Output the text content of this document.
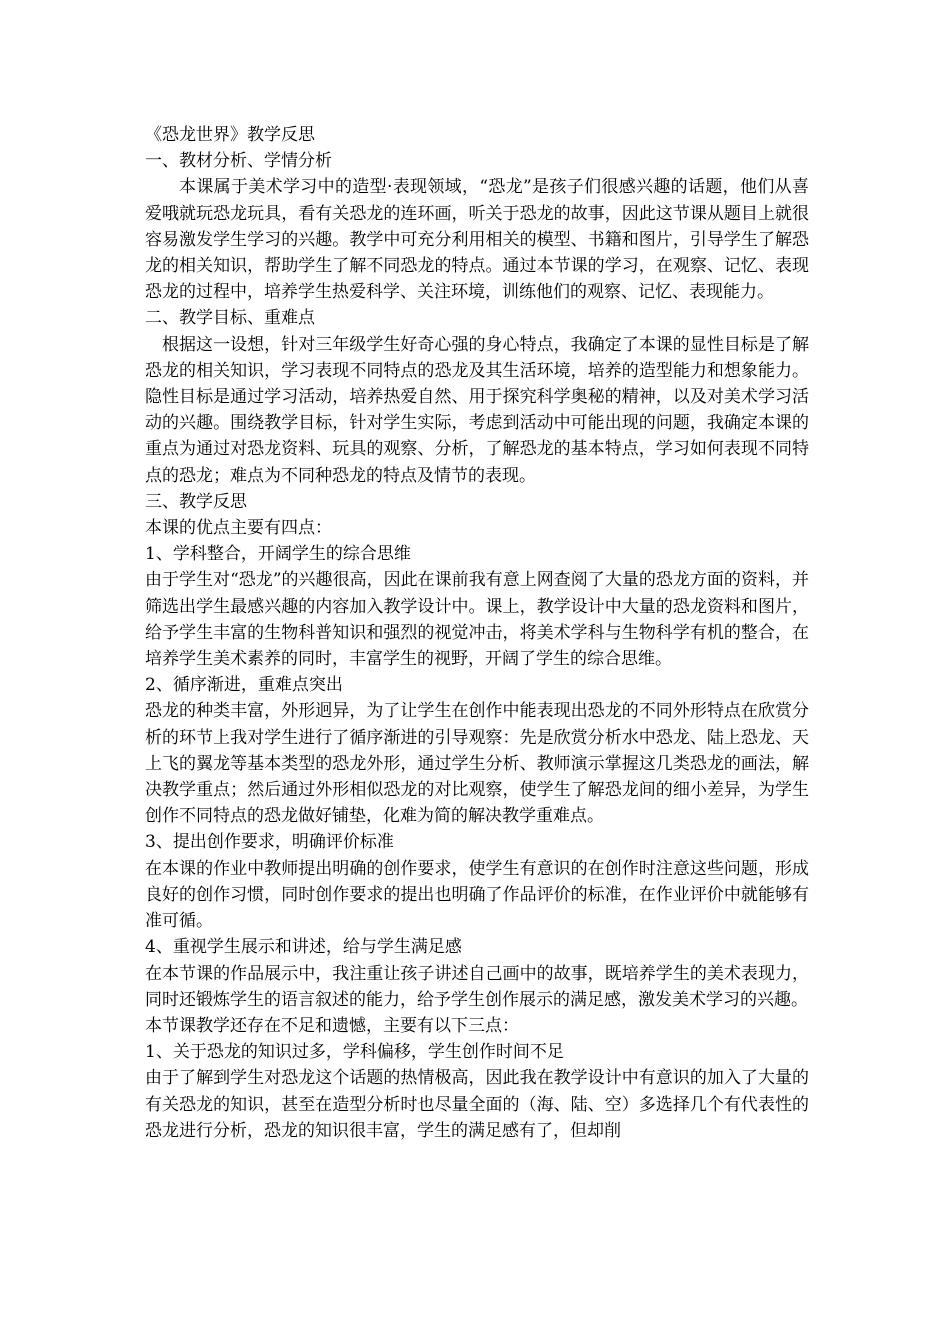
《恐龙世界》教学反思

一、教材分析、学情分析

本课属于美术学习中的造型·表现领域，“恐龙”是孩子们很感兴趣的话题，他们从喜爱哦就玩恐龙玩具，看有关恐龙的连环画，听关于恐龙的故事，因此这节课从题目上就很容易激发学生学习的兴趣。教学中可充分利用相关的模型、书籍和图片，引导学生了解恐龙的相关知识，帮助学生了解不同恐龙的特点。通过本节课的学习，在观察、记忆、表现恐龙的过程中，培养学生热爱科学、关注环境，训练他们的观察、记忆、表现能力。

二、教学目标、重难点

根据这一设想，针对三年级学生好奇心强的身心特点，我确定了本课的显性目标是了解恐龙的相关知识，学习表现不同特点的恐龙及其生活环境，培养的造型能力和想象能力。隐性目标是通过学习活动，培养热爱自然、用于探究科学奥秘的精神，以及对美术学习活动的兴趣。围绕教学目标，针对学生实际，考虑到活动中可能出现的问题，我确定本课的重点为通过对恐龙资料、玩具的观察、分析，了解恐龙的基本特点，学习如何表现不同特点的恐龙；难点为不同种恐龙的特点及情节的表现。

三、教学反思

本课的优点主要有四点：

1、学科整合，开阔学生的综合思维

由于学生对“恐龙”的兴趣很高，因此在课前我有意上网查阅了大量的恐龙方面的资料，并筛选出学生最感兴趣的内容加入教学设计中。课上，教学设计中大量的恐龙资料和图片，给予学生丰富的生物科普知识和强烈的视觉冲击，将美术学科与生物科学有机的整合，在培养学生美术素养的同时，丰富学生的视野，开阔了学生的综合思维。

2、循序渐进，重难点突出

恐龙的种类丰富，外形迥异，为了让学生在创作中能表现出恐龙的不同外形特点在欣赏分析的环节上我对学生进行了循序渐进的引导观察：先是欣赏分析水中恐龙、陆上恐龙、天上飞的翼龙等基本类型的恐龙外形，通过学生分析、教师演示掌握这几类恐龙的画法，解决教学重点；然后通过外形相似恐龙的对比观察，使学生了解恐龙间的细小差异，为学生创作不同特点的恐龙做好铺垫，化难为简的解决教学重难点。

3、提出创作要求，明确评价标准

在本课的作业中教师提出明确的创作要求，使学生有意识的在创作时注意这些问题，形成良好的创作习惯，同时创作要求的提出也明确了作品评价的标准，在作业评价中就能够有准可循。

4、重视学生展示和讲述，给与学生满足感

在本节课的作品展示中，我注重让孩子讲述自己画中的故事，既培养学生的美术表现力，同时还锻炼学生的语言叙述的能力，给予学生创作展示的满足感，激发美术学习的兴趣。

本节课教学还存在不足和遗憾，主要有以下三点：

1、关于恐龙的知识过多，学科偏移，学生创作时间不足

由于了解到学生对恐龙这个话题的热情极高，因此我在教学设计中有意识的加入了大量的有关恐龙的知识，甚至在造型分析时也尽量全面的（海、陆、空）多选择几个有代表性的恐龙进行分析，恐龙的知识很丰富，学生的满足感有了，但却削
